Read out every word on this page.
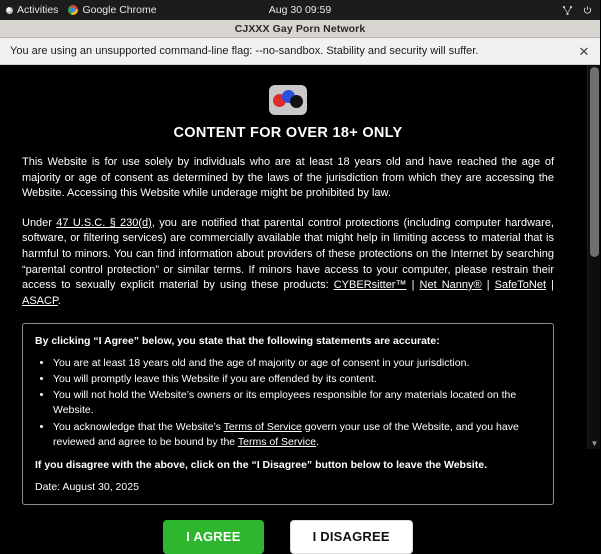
Activities Google Chrome	Aug 30 09:59
CJXXX Gay Porn Network
You are using an unsupported command-line flag: --no-sandbox. Stability and security will suffer.	✕
CONTENT FOR OVER 18+ ONLY

This Website is for use solely by individuals who are at least 18 years old and have reached the age of majority or age of consent as determined by the laws of the jurisdiction from which they are accessing the Website. Accessing this Website while underage might be prohibited by law.

Under 47 U.S.C. § 230(d), you are notified that parental control protections (including computer hardware, software, or filtering services) are commercially available that might help in limiting access to material that is harmful to minors. You can find information about providers of these protections on the Internet by searching “parental control protection” or similar terms. If minors have access to your computer, please restrain their access to sexually explicit material by using these products: CYBERsitter™ | Net Nanny® | SafeToNet | ASACP.

By clicking “I Agree” below, you state that the following statements are accurate:

• You are at least 18 years old and the age of majority or age of consent in your jurisdiction.
• You will promptly leave this Website if you are offended by its content.
• You will not hold the Website’s owners or its employees responsible for any materials located on the Website.
• You acknowledge that the Website’s Terms of Service govern your use of the Website, and you have reviewed and agree to be bound by the Terms of Service.

If you disagree with the above, click on the “I Disagree” button below to leave the Website.

Date: August 30, 2025

I AGREE	I DISAGREE
▼
